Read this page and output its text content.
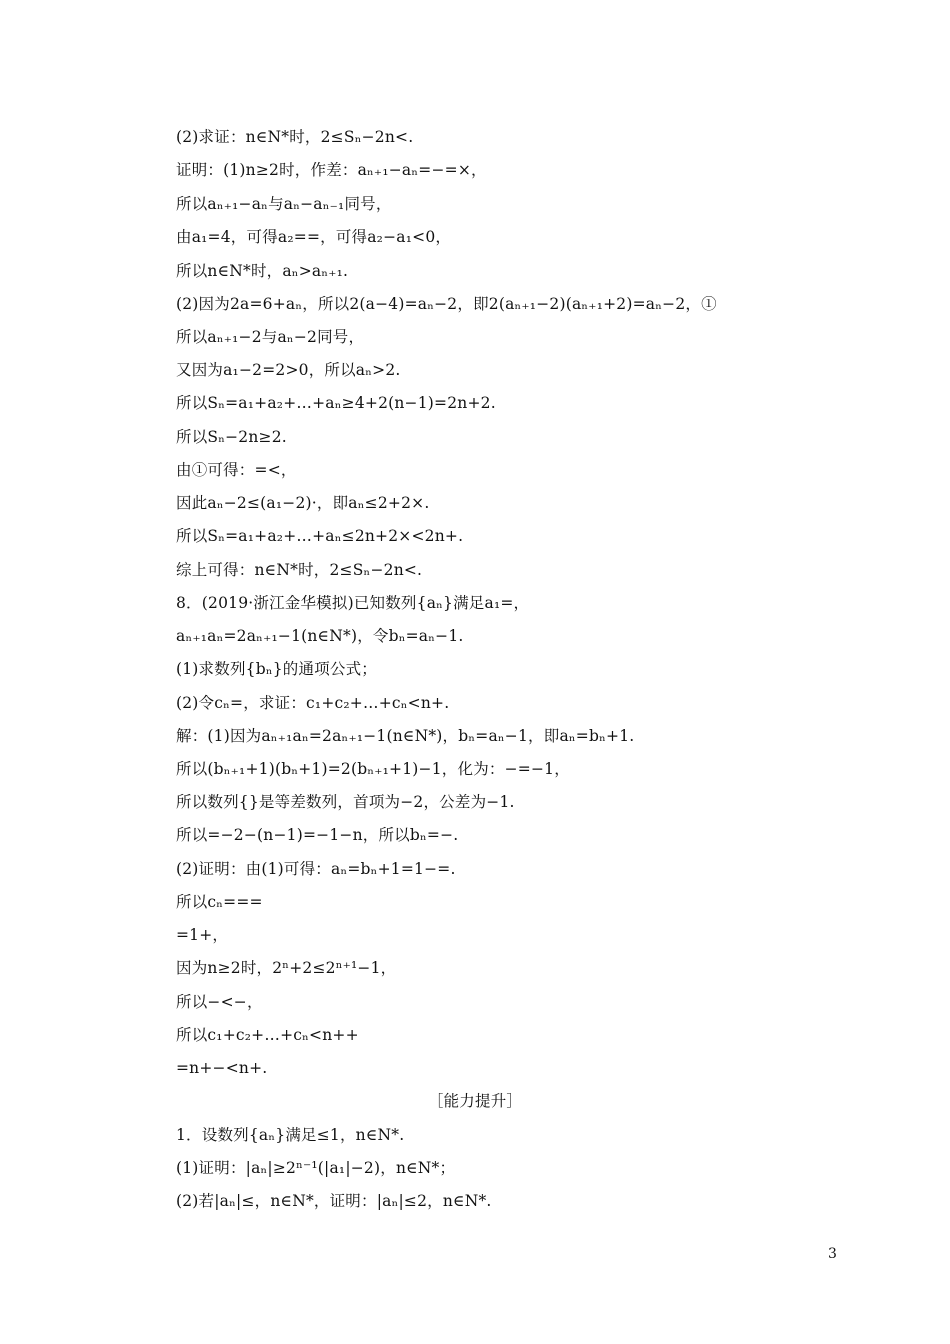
(2)求证：n∈N*时，2≤Sₙ−2n<.
证明：(1)n≥2时，作差：aₙ₊₁−aₙ=−=×，
所以aₙ₊₁−aₙ与aₙ−aₙ₋₁同号，
由a₁=4，可得a₂==，可得a₂−a₁<0，
所以n∈N*时，aₙ>aₙ₊₁.
(2)因为2a=6+aₙ，所以2(a−4)=aₙ−2，即2(aₙ₊₁−2)(aₙ₊₁+2)=aₙ−2，①
所以aₙ₊₁−2与aₙ−2同号，
又因为a₁−2=2>0，所以aₙ>2.
所以Sₙ=a₁+a₂+…+aₙ≥4+2(n−1)=2n+2.
所以Sₙ−2n≥2.
由①可得：=<，
因此aₙ−2≤(a₁−2)·，即aₙ≤2+2×.
所以Sₙ=a₁+a₂+…+aₙ≤2n+2×<2n+.
综上可得：n∈N*时，2≤Sₙ−2n<.
8．(2019·浙江金华模拟)已知数列{aₙ}满足a₁=，
aₙ₊₁aₙ=2aₙ₊₁−1(n∈N*)，令bₙ=aₙ−1.
(1)求数列{bₙ}的通项公式；
(2)令cₙ=，求证：c₁+c₂+…+cₙ<n+.
解：(1)因为aₙ₊₁aₙ=2aₙ₊₁−1(n∈N*)，bₙ=aₙ−1，即aₙ=bₙ+1.
所以(bₙ₊₁+1)(bₙ+1)=2(bₙ₊₁+1)−1，化为：−=−1，
所以数列{}是等差数列，首项为−2，公差为−1.
所以=−2−(n−1)=−1−n，所以bₙ=−.
(2)证明：由(1)可得：aₙ=bₙ+1=1−=.
所以cₙ===
=1+，
因为n≥2时，2ⁿ+2≤2ⁿ⁺¹−1，
所以−<−，
所以c₁+c₂+…+cₙ<n++
=n+−<n+.
［能力提升］
1．设数列{aₙ}满足≤1，n∈N*.
(1)证明：|aₙ|≥2ⁿ⁻¹(|a₁|−2)，n∈N*；
(2)若|aₙ|≤，n∈N*，证明：|aₙ|≤2，n∈N*.
3
